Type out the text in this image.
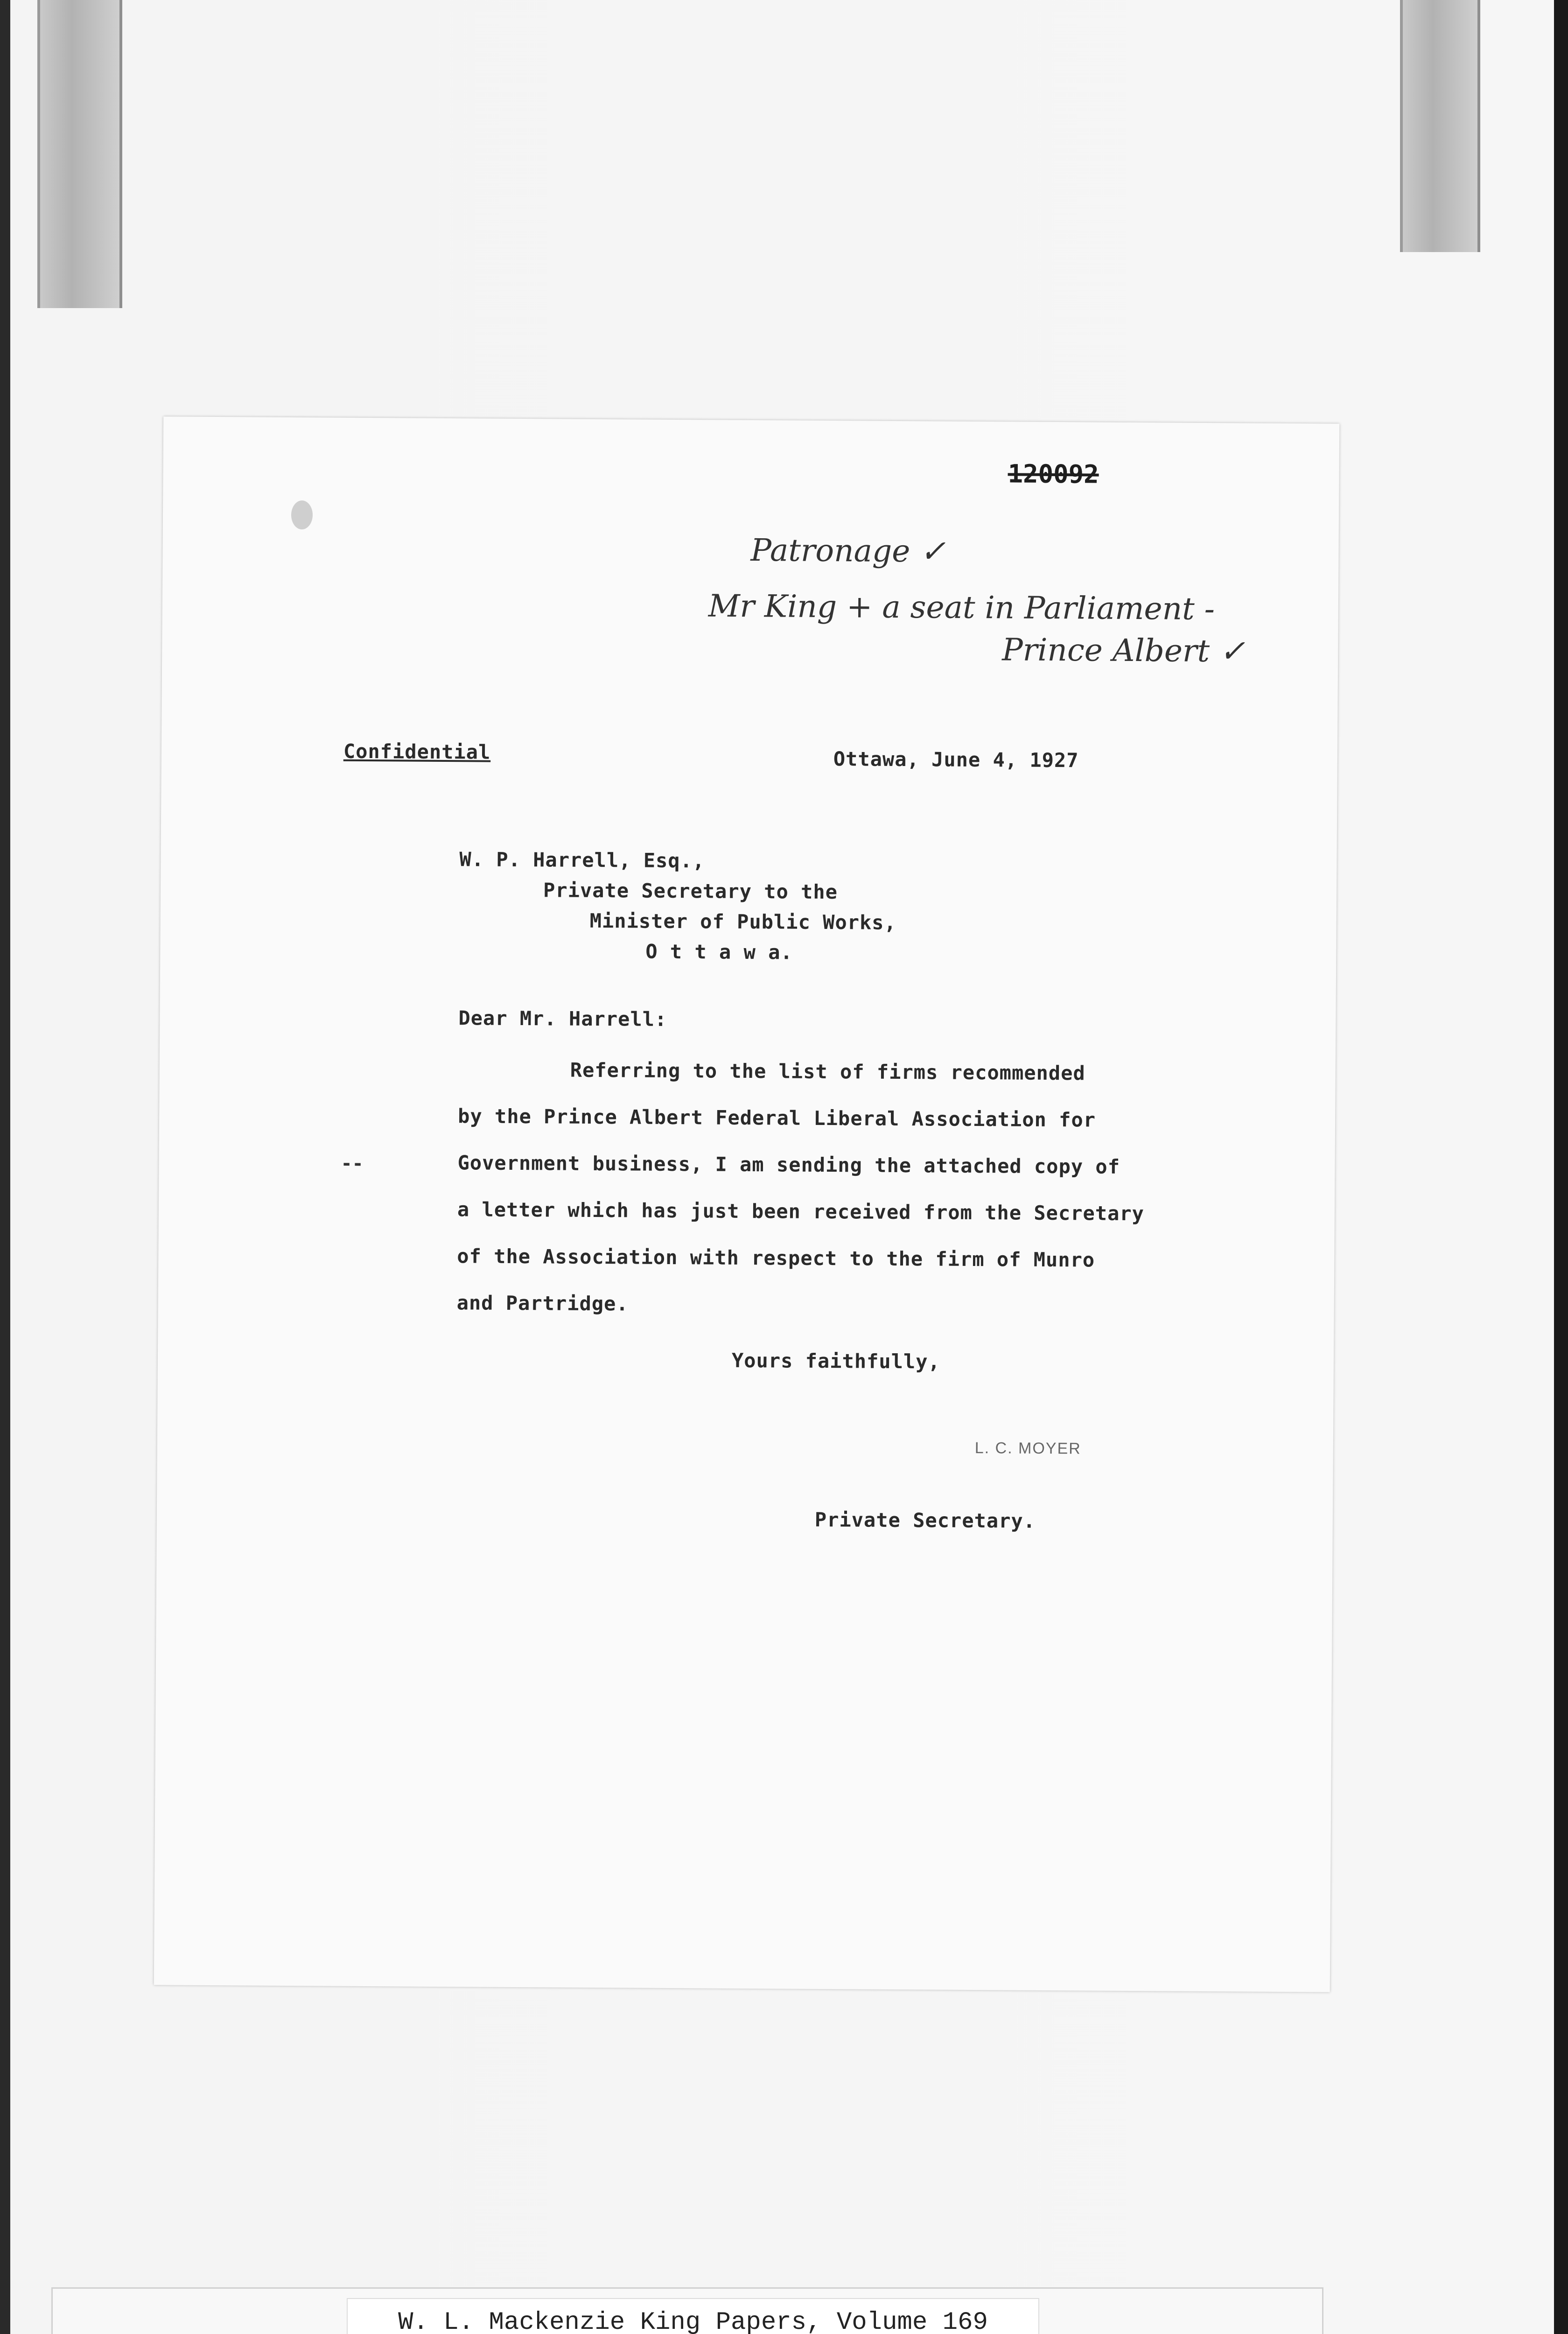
120092
Patronage ✓
Mr King + a seat in Parliament -
Prince Albert ✓
Confidential	Ottawa, June 4, 1927
W. P. Harrell, Esq.,
Private Secretary to the
Minister of Public Works,
O t t a w a.
Dear Mr. Harrell:
Referring to the list of firms recommended
by the Prince Albert Federal Liberal Association for
--	Government business, I am sending the attached copy of
a letter which has just been received from the Secretary
of the Association with respect to the firm of Munro
and Partridge.
Yours faithfully,
L. C. MOYER
Private Secretary.
W. L. Mackenzie King Papers, Volume 169
